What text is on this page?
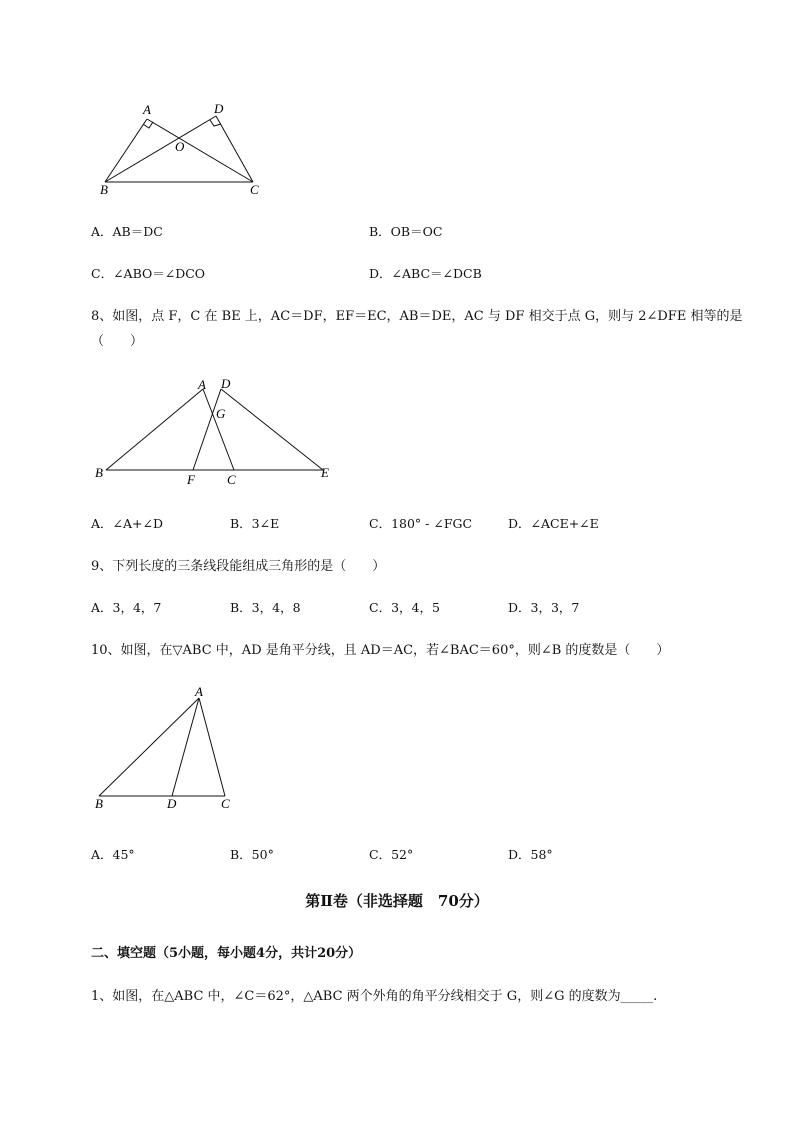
A	D
O
B	C
A．AB＝DC	B．OB＝OC
C．∠ABO＝∠DCO	D．∠ABC＝∠DCB
8、如图，点 F，C 在 BE 上，AC＝DF，EF＝EC，AB＝DE，AC 与 DF 相交于点 G，则与 2∠DFE 相等的是
（　　）
A D
G
B	F C	E
A．∠A+∠D	B．3∠E	C．180° - ∠FGC	D．∠ACE+∠E
9、下列长度的三条线段能组成三角形的是（　　）
A．3，4，7	B．3，4，8	C．3，4，5	D．3，3，7
10、如图，在▽ABC 中，AD 是角平分线，且 AD＝AC，若∠BAC＝60°，则∠B 的度数是（　　）
A
B	D	C
A．45°	B．50°	C．52°	D．58°
第Ⅱ卷（非选择题　70分）
二、填空题（5小题，每小题4分，共计20分）
1、如图，在△ABC 中，∠C＝62°，△ABC 两个外角的角平分线相交于 G，则∠G 的度数为_____.
